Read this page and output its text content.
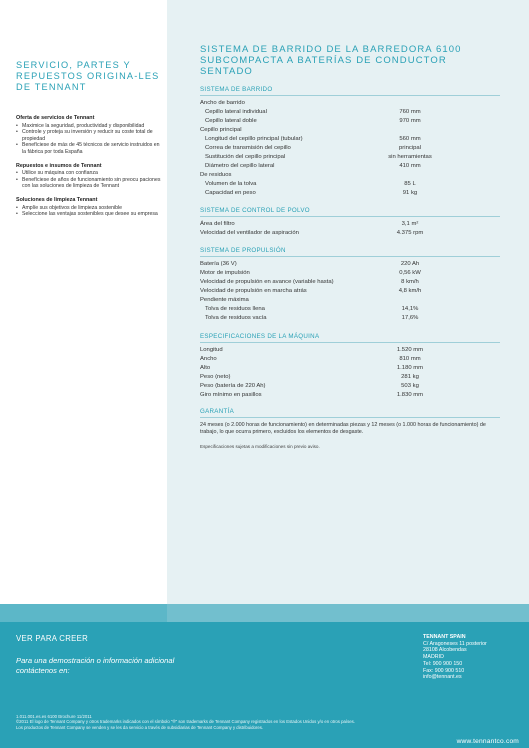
SERVICIO, PARTES Y REPUESTOS ORIGINA-LES DE TENNANT
Oferta de servicios de Tennant
• Maximice la seguridad, productividad y disponibilidad
• Controle y proteja su inversión y reducir su coste total de propiedad
• Benefíciese de más de 45 técnicos de servicio instruidos en la fábrica por toda España
Repuestos e insumos de Tennant
• Utilice su máquina con confianza
• Benefíciese de años de funcionamiento sin preocu paciones con las soluciones de limpieza de Tennant
Soluciones de limpieza Tennant
• Amplíe sus objetivos de limpieza sostenible
• Seleccione las ventajas sostenibles que desee su empresa
SISTEMA DE BARRIDO DE LA BARREDORA 6100 SUBCOMPACTA A BATERÍAS DE CONDUCTOR SENTADO
SISTEMA DE BARRIDO
Ancho de barrido
Cepillo lateral individual	760 mm
Cepillo lateral doble	970 mm
Cepillo principal
Longitud del cepillo principal (tubular)	560 mm
Correa de transmisión del cepillo	principal
Sustitución del cepillo principal	sin herramientas
Diámetro del cepillo lateral	410 mm
De residuos
Volumen de la tolva	85 L
Capacidad en peso	91 kg
SISTEMA DE CONTROL DE POLVO
Área del filtro	3,1 m²
Velocidad del ventilador de aspiración	4.375 rpm
SISTEMA DE PROPULSIÓN
Batería (36 V)	220 Ah
Motor de impulsión	0,56 kW
Velocidad de propulsión en avance (variable hasta)	8 km/h
Velocidad de propulsión en marcha atrás	4,8 km/h
Pendiente máxima
Tolva de residuos llena	14,1%
Tolva de residuos vacía	17,6%
ESPECIFICACIONES DE LA MÁQUINA
Longitud	1.520 mm
Ancho	810 mm
Alto	1.180 mm
Peso (neto)	281 kg
Peso (batería de 220 Ah)	503 kg
Giro mínimo en pasillos	1.830 mm
GARANTÍA
24 meses (o 2.000 horas de funcionamiento) en determinadas piezas y 12 meses (o 1.000 horas de funcionamiento) de trabajo, lo que ocurra primero, excluidos los elementos de desgaste.
Especificaciones sujetas a modificaciones sin previo aviso.
VER PARA CREER
Para una demostración o información adicional contáctenos en:
TENNANT SPAIN
C/ Aragoneses 11 posterior
28108 Alcobendas
MADRID
Tel: 900 900 150
Fax: 900 900 510
info@tennant.es
1.011.001.es.es 6100 Brochure 11/2011
©2011 El logo de Tennant Company y otros trademarks indicados con el símbolo "®" son trademarks de Tennant Company registrados en los Estados Unidos y/o en otros países.
Los productos de Tennant Company se venden y se les da servicio a través de subsidiarias de Tennant Company y distribuidores.
www.tennantco.com
